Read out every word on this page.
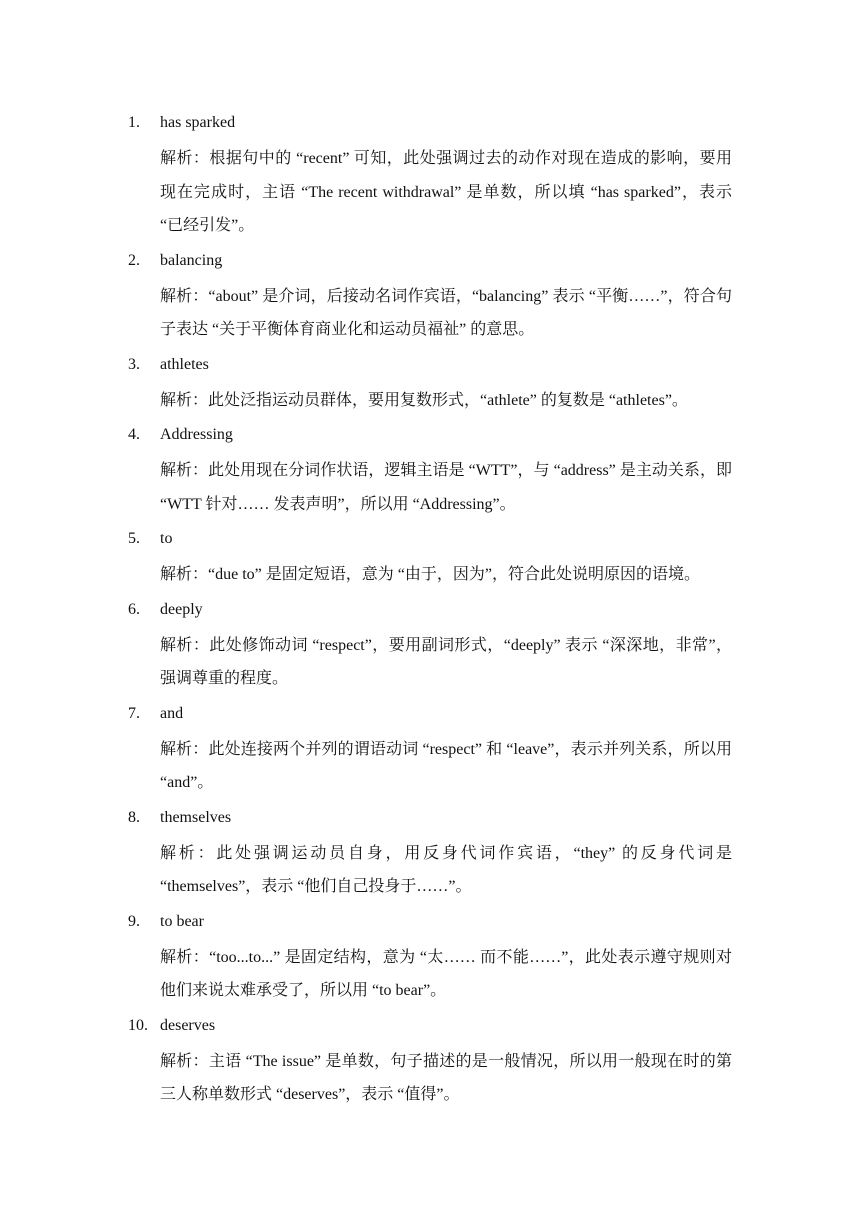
1.	has sparked
解析：根据句中的 “recent” 可知，此处强调过去的动作对现在造成的影响，要用现在完成时，主语 “The recent withdrawal” 是单数，所以填 “has sparked”，表示 “已经引发”。
2.	balancing
解析：“about” 是介词，后接动名词作宾语，“balancing” 表示 “平衡……”，符合句子表达 “关于平衡体育商业化和运动员福祉” 的意思。
3.	athletes
解析：此处泛指运动员群体，要用复数形式，“athlete” 的复数是 “athletes”。
4.	Addressing
解析：此处用现在分词作状语，逻辑主语是 “WTT”，与 “address” 是主动关系，即 “WTT 针对…… 发表声明”，所以用 “Addressing”。
5.	to
解析：“due to” 是固定短语，意为 “由于，因为”，符合此处说明原因的语境。
6.	deeply
解析：此处修饰动词 “respect”，要用副词形式，“deeply” 表示 “深深地，非常”，强调尊重的程度。
7.	and
解析：此处连接两个并列的谓语动词 “respect” 和 “leave”，表示并列关系，所以用 “and”。
8.	themselves
解析：此处强调运动员自身，用反身代词作宾语，“they” 的反身代词是 “themselves”，表示 “他们自己投身于……”。
9.	to bear
解析：“too...to...” 是固定结构，意为 “太…… 而不能……”，此处表示遵守规则对他们来说太难承受了，所以用 “to bear”。
10. deserves
解析：主语 “The issue” 是单数，句子描述的是一般情况，所以用一般现在时的第三人称单数形式 “deserves”，表示 “值得”。
